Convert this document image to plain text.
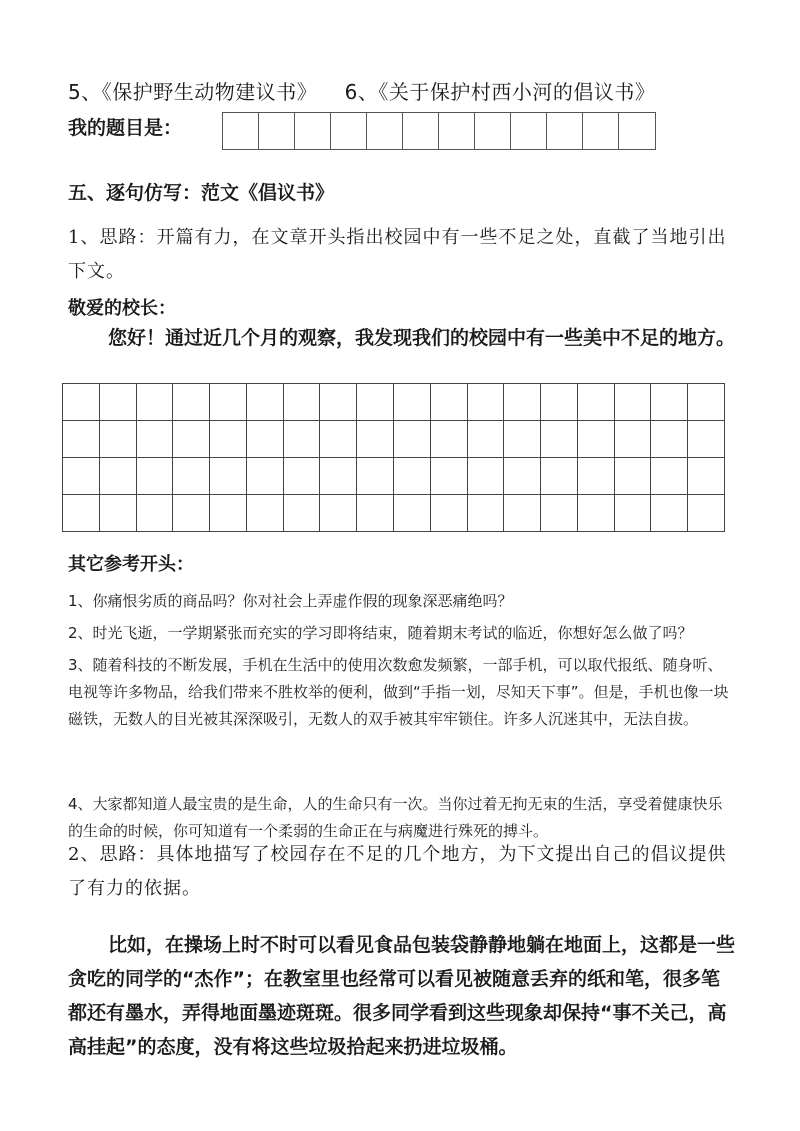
5、《保护野生动物建议书》 6、《关于保护村西小河的倡议书》
我的题目是：
五、逐句仿写：范文《倡议书》
1、思路：开篇有力，在文章开头指出校园中有一些不足之处，直截了当地引出下文。
敬爱的校长：
您好！通过近几个月的观察，我发现我们的校园中有一些美中不足的地方。
其它参考开头：
1、你痛恨劣质的商品吗？你对社会上弄虚作假的现象深恶痛绝吗？
2、时光飞逝，一学期紧张而充实的学习即将结束，随着期末考试的临近，你想好怎么做了吗？
3、随着科技的不断发展，手机在生活中的使用次数愈发频繁，一部手机，可以取代报纸、随身听、电视等许多物品，给我们带来不胜枚举的便利，做到“手指一划，尽知天下事”。但是，手机也像一块磁铁，无数人的目光被其深深吸引，无数人的双手被其牢牢锁住。许多人沉迷其中，无法自拔。
4、大家都知道人最宝贵的是生命，人的生命只有一次。当你过着无拘无束的生活，享受着健康快乐的生命的时候，你可知道有一个柔弱的生命正在与病魔进行殊死的搏斗。
2、思路：具体地描写了校园存在不足的几个地方，为下文提出自己的倡议提供了有力的依据。
比如，在操场上时不时可以看见食品包装袋静静地躺在地面上，这都是一些贪吃的同学的“杰作”；在教室里也经常可以看见被随意丢弃的纸和笔，很多笔都还有墨水，弄得地面墨迹斑斑。很多同学看到这些现象却保持“事不关己，高高挂起”的态度，没有将这些垃圾拾起来扔进垃圾桶。
